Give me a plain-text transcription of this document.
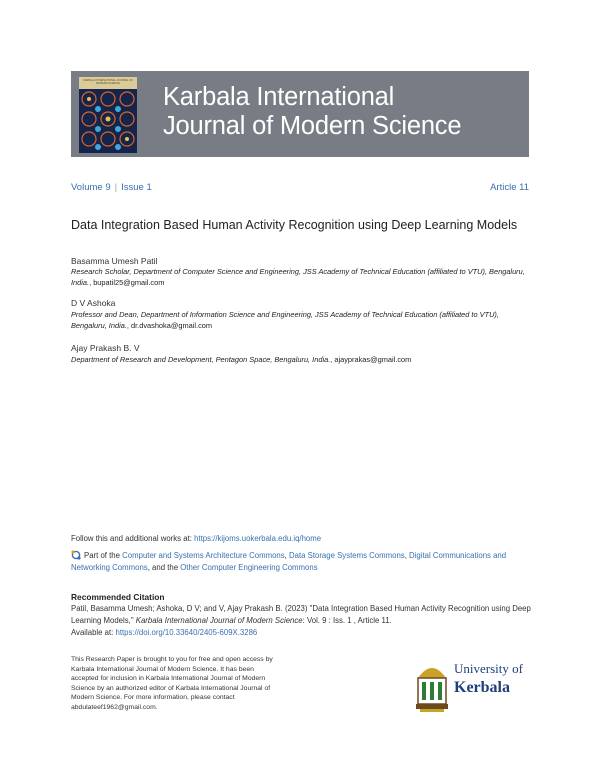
KARBALA INTERNATIONAL JOURNAL OF MODERN SCIENCE	Karbala International
Journal of Modern Science
Volume 9 | Issue 1	Article 11
Data Integration Based Human Activity Recognition using Deep Learning Models
Basamma Umesh Patil
Research Scholar, Department of Computer Science and Engineering, JSS Academy of Technical Education (affiliated to VTU), Bengaluru, India., bupatil25@gmail.com
D V Ashoka
Professor and Dean, Department of Information Science and Engineering, JSS Academy of Technical Education (affiliated to VTU), Bengaluru, India., dr.dvashoka@gmail.com
Ajay Prakash B. V
Department of Research and Development, Pentagon Space, Bengaluru, India., ajayprakas@gmail.com
Follow this and additional works at: https://kijoms.uokerbala.edu.iq/home
Part of the Computer and Systems Architecture Commons, Data Storage Systems Commons, Digital Communications and Networking Commons, and the Other Computer Engineering Commons
Recommended Citation
Patil, Basamma Umesh; Ashoka, D V; and V, Ajay Prakash B. (2023) "Data Integration Based Human Activity Recognition using Deep Learning Models," Karbala International Journal of Modern Science: Vol. 9 : Iss. 1 , Article 11.
Available at: https://doi.org/10.33640/2405-609X.3286
This Research Paper is brought to you for free and open access by Karbala International Journal of Modern Science. It has been accepted for inclusion in Karbala International Journal of Modern Science by an authorized editor of Karbala International Journal of Modern Science. For more information, please contact abdulateef1962@gmail.com.
University of
Kerbala
